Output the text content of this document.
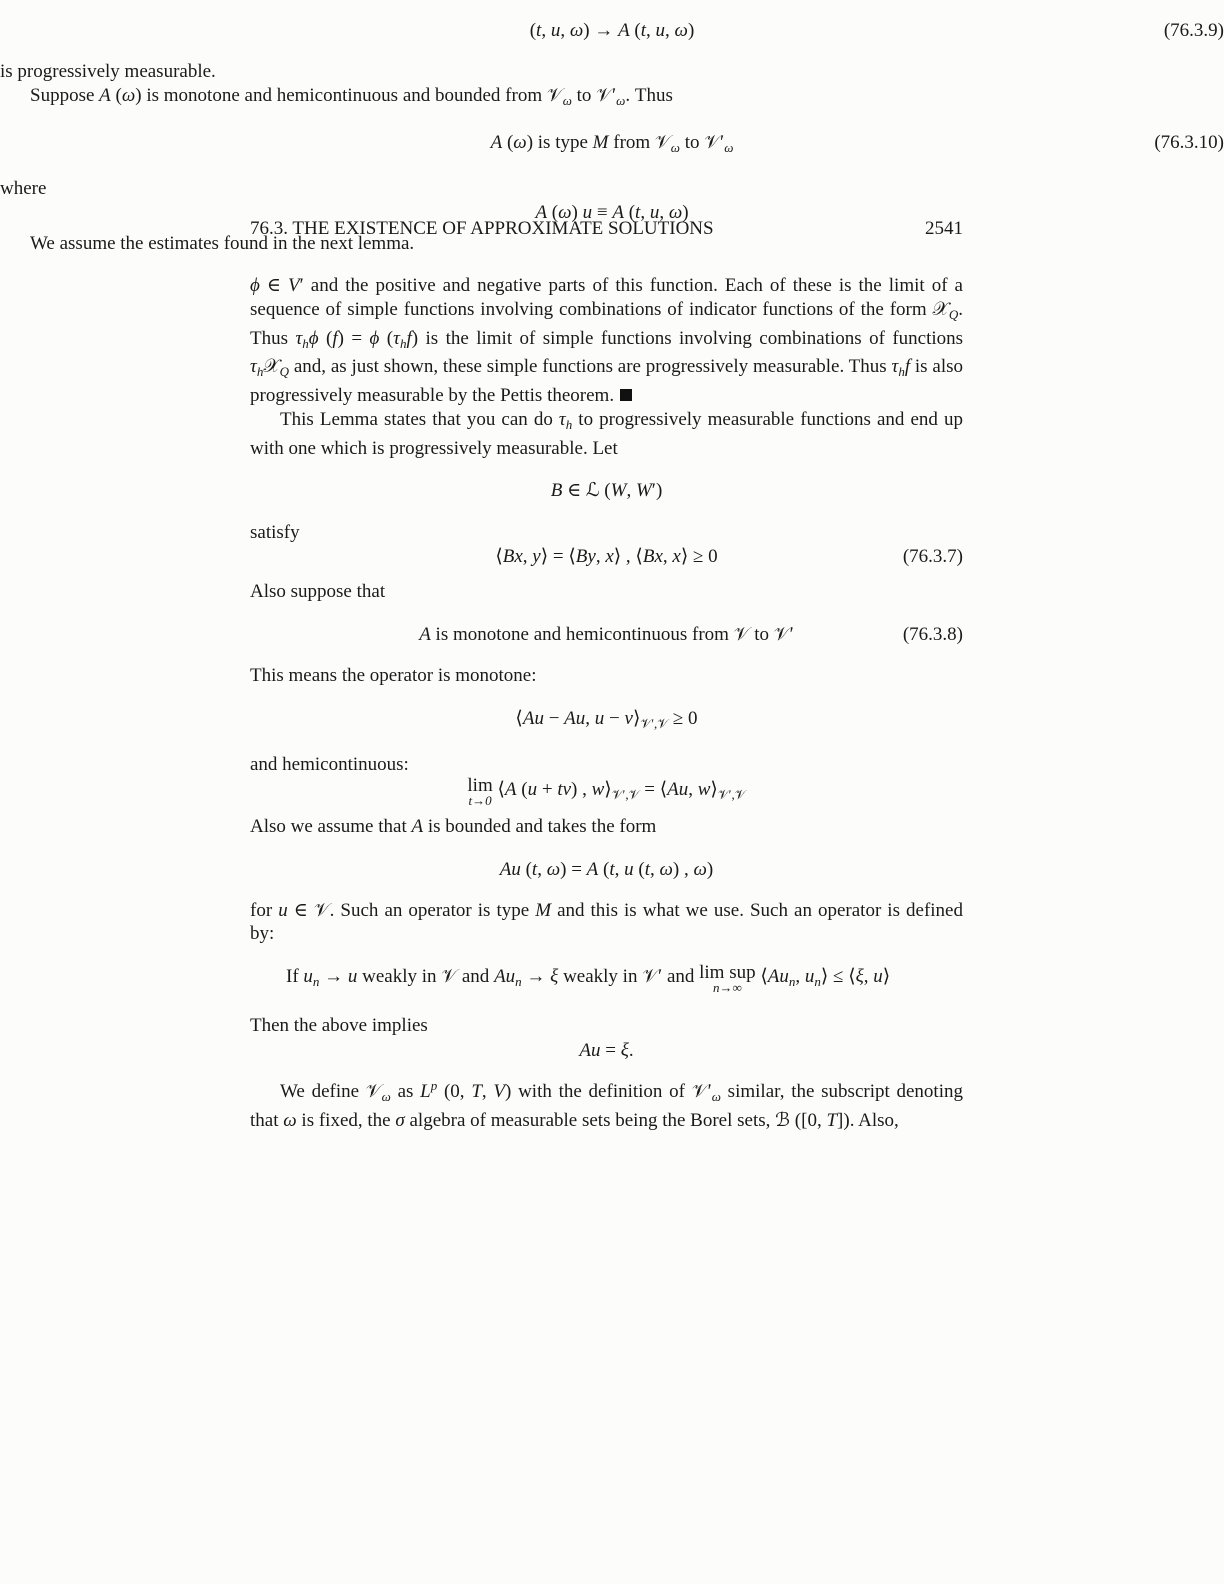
76.3. THE EXISTENCE OF APPROXIMATE SOLUTIONS	2541

ϕ ∈ V′ and the positive and negative parts of this function. Each of these is the limit of a sequence of simple functions involving combinations of indicator functions of the form 𝒳$_Q$. Thus $\tau_h\phi$ (f) = ϕ $(\tau_hf)$ is the limit of simple functions involving combinations of functions $\tau_h𝒳_Q$ and, as just shown, these simple functions are progressively measurable. Thus $\tau_hf$ is also progressively measurable by the Pettis theorem.

This Lemma states that you can do $\tau_h$ to progressively measurable functions and end up with one which is progressively measurable. Let

B ∈ ℒ (W, W′)

satisfy

⟨Bx, y⟩ = ⟨By, x⟩ , ⟨Bx, x⟩ ≥ 0	(76.3.7)

Also suppose that

A is monotone and hemicontinuous from 𝒱 to 𝒱′	(76.3.8)

This means the operator is monotone:

⟨Au − Au, $u - v⟩_{𝒱',𝒱} \ge 0$

and hemicontinuous:

lim
t→0
⟨A (u + tv) , $w⟩_{𝒱',𝒱}$ = ⟨Au, $w⟩_{𝒱',𝒱}$

Also we assume that A is bounded and takes the form

Au (t, ω) = A (t, u (t, ω) , ω)

for u ∈ 𝒱. Such an operator is type M and this is what we use. Such an operator is defined by:

If $u_n \to u$ weakly in 𝒱 and $Au_n \to \xi$ weakly in 𝒱′ and lim sup
n→∞
$⟨Au_n$, $u_n⟩$ ≤ ⟨ξ, u⟩

Then the above implies

Au = ξ.

We define 𝒱$_\omega$ as $L^p$ (0, T, V) with the definition of $𝒱'_\omega$ similar, the subscript denoting that ω is fixed, the σ algebra of measurable sets being the Borel sets, ℬ ([0, T]). Also,

(t, u, ω) → A (t, u, ω)	(76.3.9)

is progressively measurable.

Suppose A (ω) is monotone and hemicontinuous and bounded from 𝒱$_\omega$ to $𝒱'_\omega$. Thus

A (ω) is type M from 𝒱$_\omega$ to $𝒱'_\omega$	(76.3.10)

where

A (ω) u ≡ A (t, u, ω)

We assume the estimates found in the next lemma.
